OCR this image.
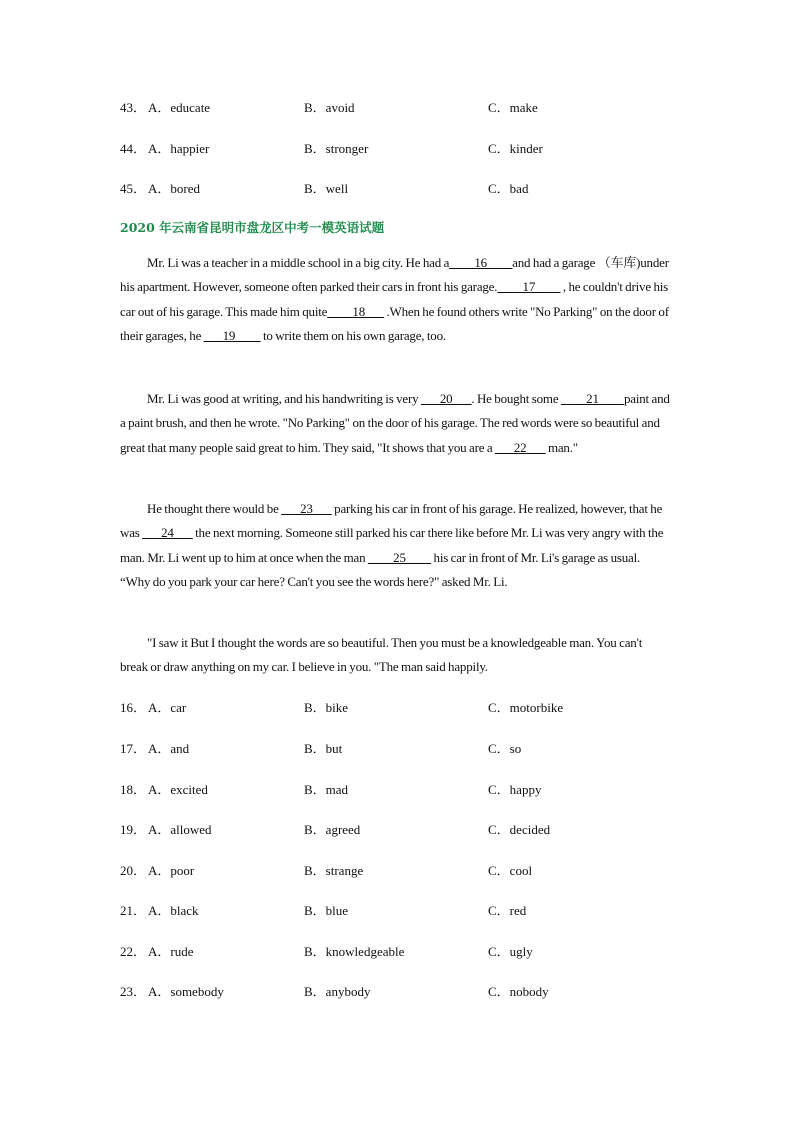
43． A．educate	B．avoid	C．make
44． A．happier	B．stronger	C．kinder
45． A．bored	B．well	C．bad
2020 年云南省昆明市盘龙区中考一模英语试题
Mr. Li was a teacher in a middle school in a big city. He had a____16____and had a garage （车库)under his apartment. However, someone often parked their cars in front his garage.____17____ , he couldn't drive his car out of his garage. This made him quite____18___ .When he found others write "No Parking" on the door of their garages, he ___19____ to write them on his own garage, too.
Mr. Li was good at writing, and his handwriting is very ___20___. He bought some ____21____paint and a paint brush, and then he wrote. "No Parking" on the door of his garage. The red words were so beautiful and great that many people said great to him. They said, "It shows that you are a ___22___ man."
He thought there would be ___23___ parking his car in front of his garage. He realized, however, that he was ___24___ the next morning. Someone still parked his car there like before Mr. Li was very angry with the man. Mr. Li went up to him at once when the man ____25____ his car in front of Mr. Li's garage as usual. “Why do you park your car here? Can't you see the words here?" asked Mr. Li.
"I saw it But I thought the words are so beautiful. Then you must be a knowledgeable man. You can't break or draw anything on my car. I believe in you. "The man said happily.
16． A．car	B．bike	C．motorbike
17． A．and	B．but	C．so
18． A．excited	B．mad	C．happy
19． A．allowed	B．agreed	C．decided
20． A．poor	B．strange	C．cool
21． A．black	B．blue	C．red
22． A．rude	B．knowledgeable	C．ugly
23． A．somebody	B．anybody	C．nobody
